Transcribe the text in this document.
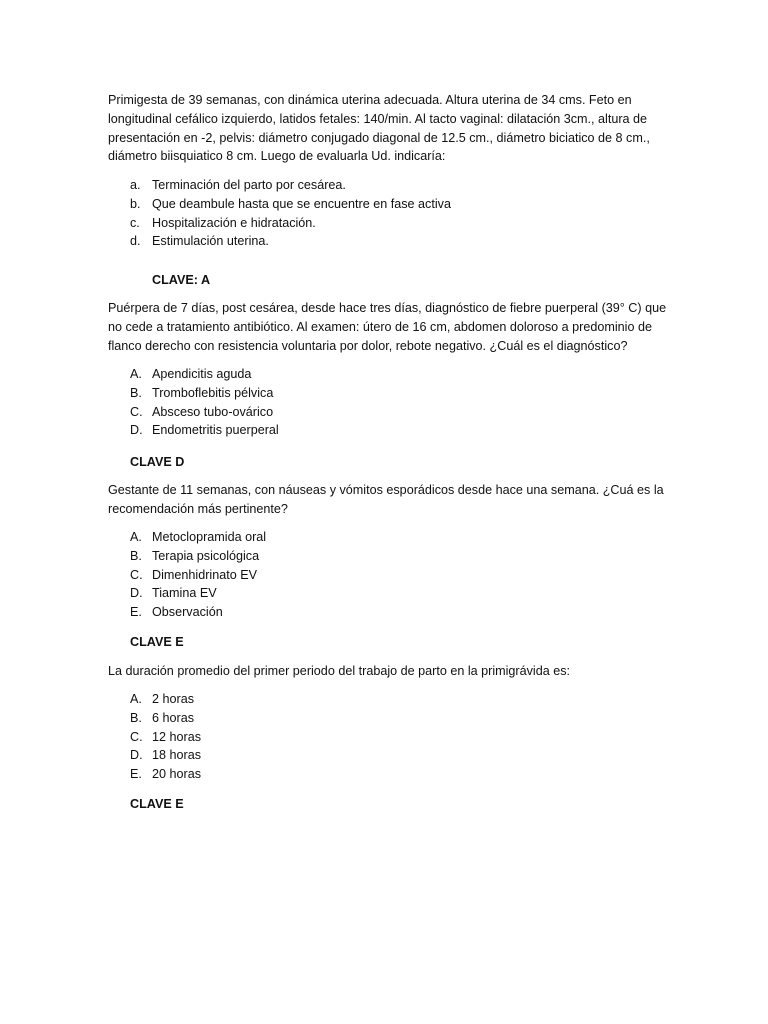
Primigesta de 39 semanas, con dinámica uterina adecuada. Altura uterina de 34 cms. Feto en longitudinal cefálico izquierdo, latidos fetales: 140/min. Al tacto vaginal: dilatación 3cm., altura de presentación en -2, pelvis: diámetro conjugado diagonal de 12.5 cm., diámetro biciatico de 8 cm., diámetro biisquiatico 8 cm. Luego de evaluarla Ud. indicaría:

a. Terminación del parto por cesárea.
b. Que deambule hasta que se encuentre en fase activa
c. Hospitalización e hidratación.
d. Estimulación uterina.
CLAVE: A

Puérpera de 7 días, post cesárea, desde hace tres días, diagnóstico de fiebre puerperal (39° C) que no cede a tratamiento antibiótico. Al examen: útero de 16 cm, abdomen doloroso a predominio de flanco derecho con resistencia voluntaria por dolor, rebote negativo. ¿Cuál es el diagnóstico?

A. Apendicitis aguda
B. Tromboflebitis pélvica
C. Absceso tubo-ovárico
D. Endometritis puerperal
CLAVE D

Gestante de 11 semanas, con náuseas y vómitos esporádicos desde hace una semana. ¿Cuá es la recomendación más pertinente?

A. Metoclopramida oral
B. Terapia psicológica
C. Dimenhidrinato EV
D. Tiamina EV
E. Observación
CLAVE E

La duración promedio del primer periodo del trabajo de parto en la primigrávida es:

A. 2 horas
B. 6 horas
C. 12 horas
D. 18 horas
E. 20 horas
CLAVE E
